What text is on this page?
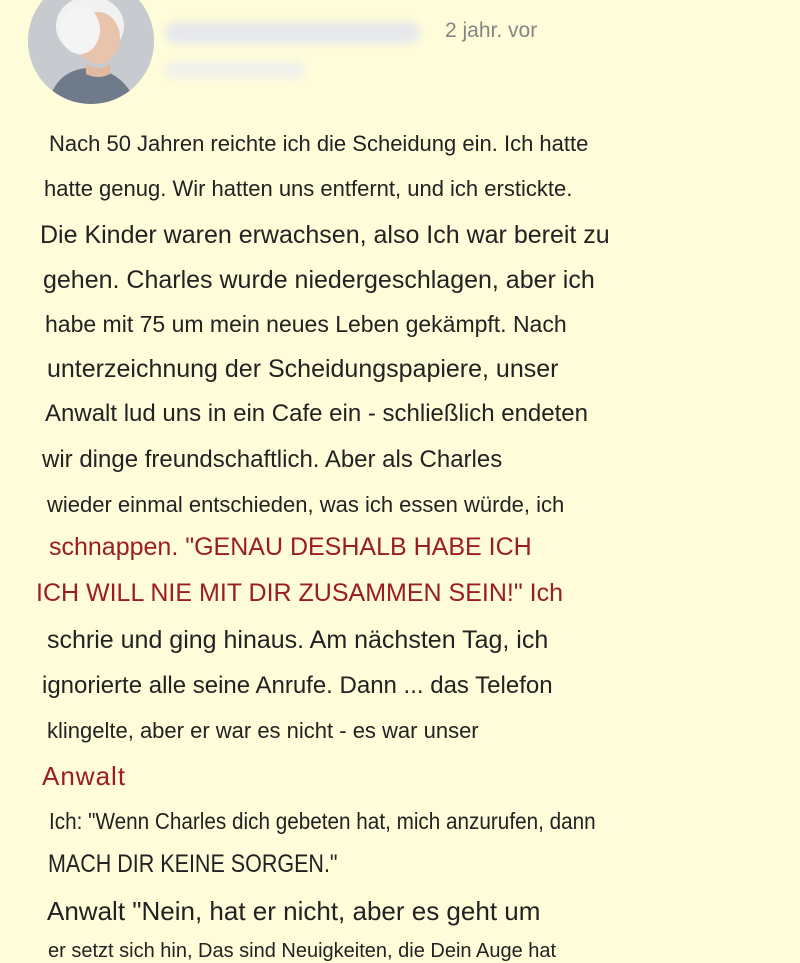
2 jahr. vor
Nach 50 Jahren reichte ich die Scheidung ein. Ich hatte
hatte genug. Wir hatten uns entfernt, und ich erstickte.
Die Kinder waren erwachsen, also Ich war bereit zu
gehen. Charles wurde niedergeschlagen, aber ich
habe mit 75 um mein neues Leben gekämpft. Nach
unterzeichnung der Scheidungspapiere, unser
Anwalt lud uns in ein Cafe ein - schließlich endeten
wir dinge freundschaftlich. Aber als Charles
wieder einmal entschieden, was ich essen würde, ich
schnappen. "GENAU DESHALB HABE ICH
ICH WILL NIE MIT DIR ZUSAMMEN SEIN!" Ich
schrie und ging hinaus. Am nächsten Tag, ich
ignorierte alle seine Anrufe. Dann ... das Telefon
klingelte, aber er war es nicht - es war unser
Anwalt
Ich: "Wenn Charles dich gebeten hat, mich anzurufen, dann
MACH DIR KEINE SORGEN."
Anwalt "Nein, hat er nicht, aber es geht um
er setzt sich hin, Das sind Neuigkeiten, die Dein Auge hat
